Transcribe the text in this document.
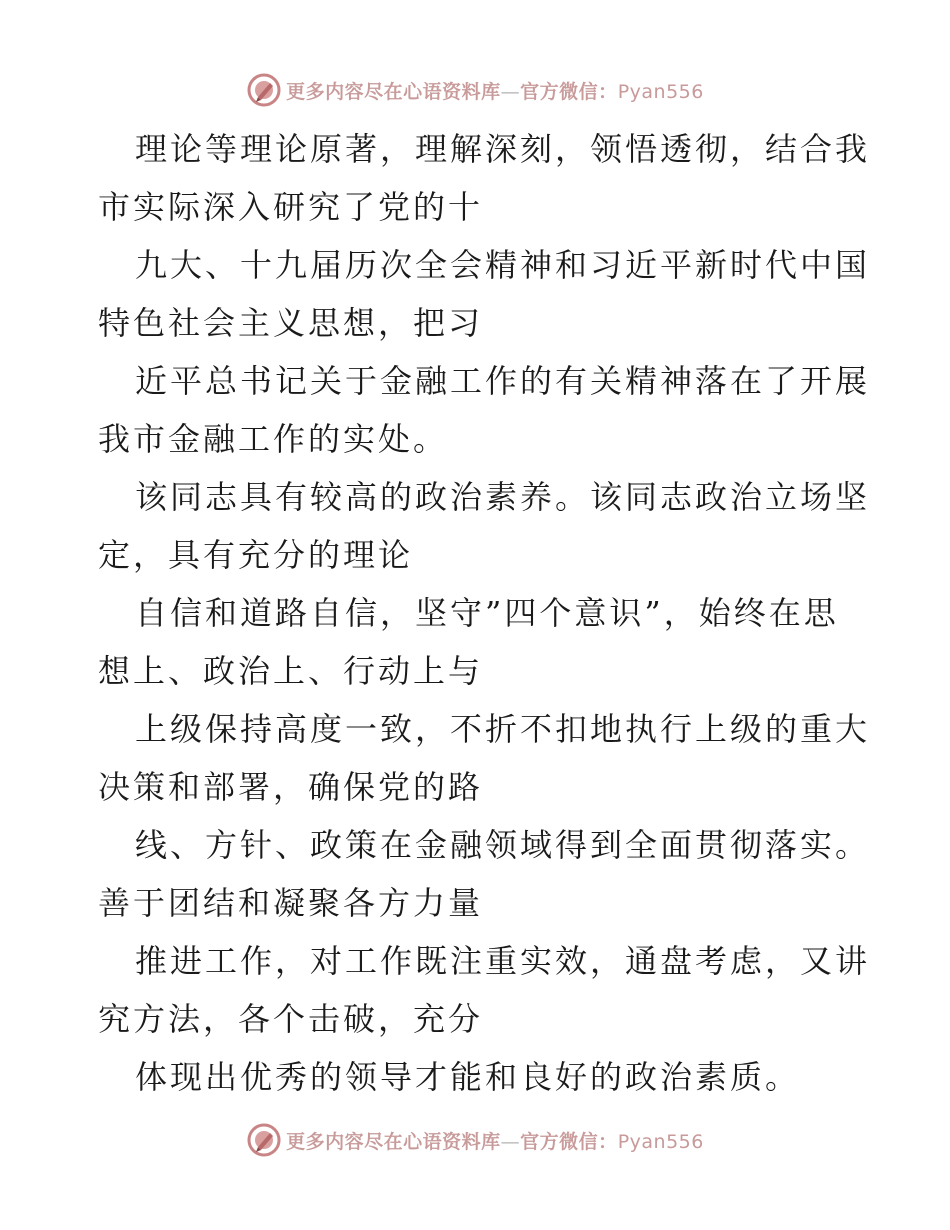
更多内容尽在心语资料库—官方微信：Pyan556
理论等理论原著，理解深刻，领悟透彻，结合我
市实际深入研究了党的十
九大、十九届历次全会精神和习近平新时代中国
特色社会主义思想，把习
近平总书记关于金融工作的有关精神落在了开展
我市金融工作的实处。
该同志具有较高的政治素养。该同志政治立场坚
定，具有充分的理论
自信和道路自信，坚守”四个意识”，始终在思
想上、政治上、行动上与
上级保持高度一致，不折不扣地执行上级的重大
决策和部署，确保党的路
线、方针、政策在金融领域得到全面贯彻落实。
善于团结和凝聚各方力量
推进工作，对工作既注重实效，通盘考虑，又讲
究方法，各个击破，充分
体现出优秀的领导才能和良好的政治素质。
更多内容尽在心语资料库—官方微信：Pyan556
